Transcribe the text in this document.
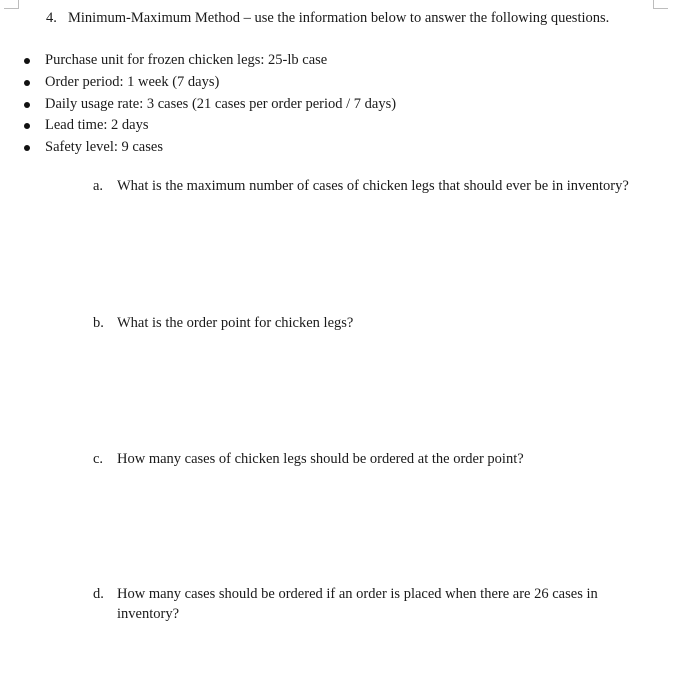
4. Minimum-Maximum Method – use the information below to answer the following questions.
Purchase unit for frozen chicken legs: 25-lb case
Order period: 1 week (7 days)
Daily usage rate: 3 cases (21 cases per order period / 7 days)
Lead time: 2 days
Safety level: 9 cases
a. What is the maximum number of cases of chicken legs that should ever be in inventory?
b. What is the order point for chicken legs?
c. How many cases of chicken legs should be ordered at the order point?
d. How many cases should be ordered if an order is placed when there are 26 cases in inventory?
